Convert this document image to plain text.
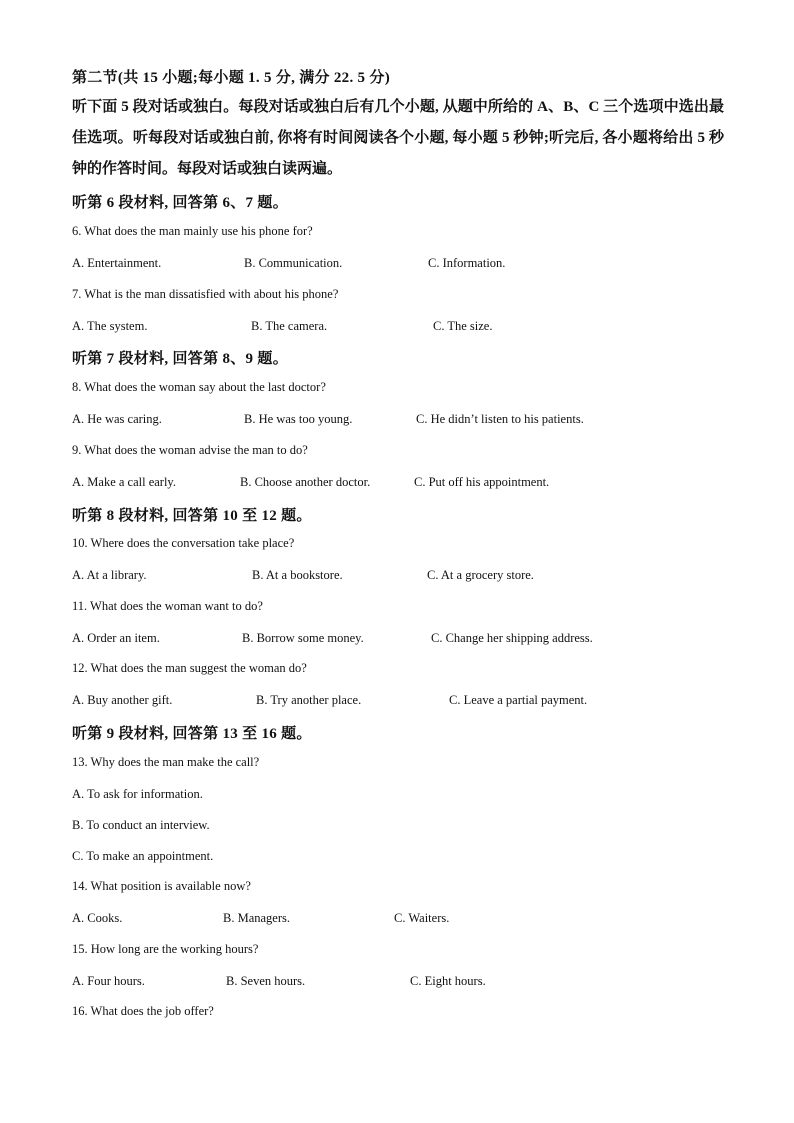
第二节(共 15 小题;每小题 1. 5 分, 满分 22. 5 分)
听下面 5 段对话或独白。每段对话或独白后有几个小题, 从题中所给的 A、B、C 三个选项中选出最佳选项。听每段对话或独白前, 你将有时间阅读各个小题, 每小题 5 秒钟;听完后, 各小题将给出 5 秒钟的作答时间。每段对话或独白读两遍。
听第 6 段材料, 回答第 6、7 题。
6. What does the man mainly use his phone for?
A. Entertainment.	B. Communication.	C. Information.
7. What is the man dissatisfied with about his phone?
A. The system.	B. The camera.	C. The size.
听第 7 段材料, 回答第 8、9 题。
8. What does the woman say about the last doctor?
A. He was caring.	B. He was too young.	C. He didn’t listen to his patients.
9. What does the woman advise the man to do?
A. Make a call early.	B. Choose another doctor.	C. Put off his appointment.
听第 8 段材料, 回答第 10 至 12 题。
10. Where does the conversation take place?
A. At a library.	B. At a bookstore.	C. At a grocery store.
11. What does the woman want to do?
A. Order an item.	B. Borrow some money.	C. Change her shipping address.
12. What does the man suggest the woman do?
A. Buy another gift.	B. Try another place.	C. Leave a partial payment.
听第 9 段材料, 回答第 13 至 16 题。
13. Why does the man make the call?
A. To ask for information.
B. To conduct an interview.
C. To make an appointment.
14. What position is available now?
A. Cooks.	B. Managers.	C. Waiters.
15. How long are the working hours?
A. Four hours.	B. Seven hours.	C. Eight hours.
16. What does the job offer?
